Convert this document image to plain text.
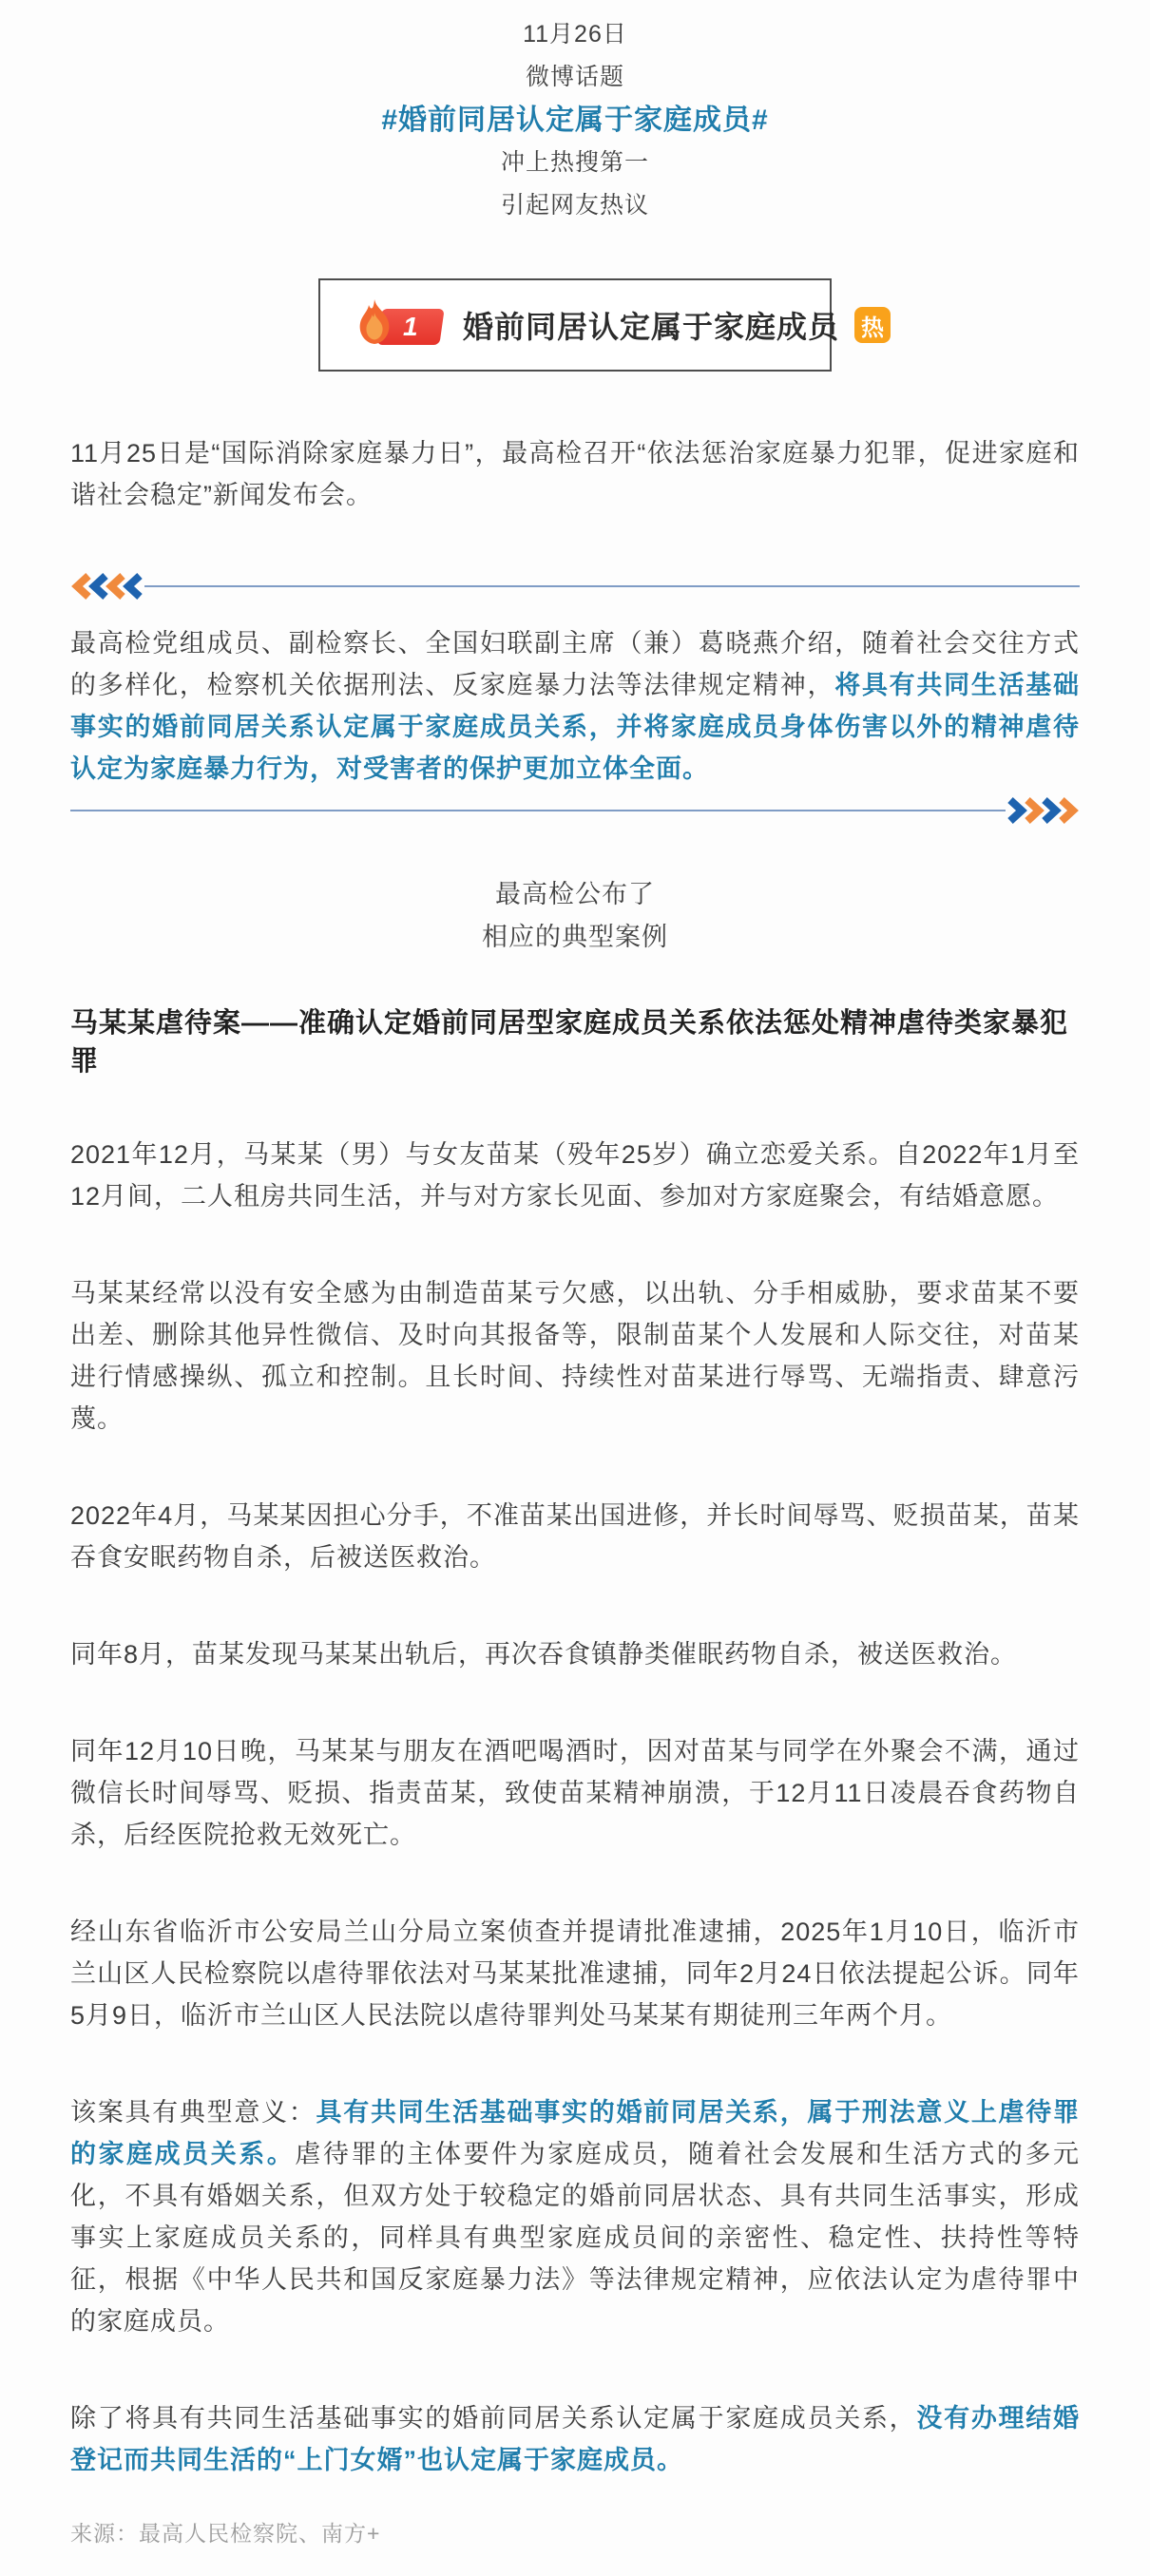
11月26日
微博话题
#婚前同居认定属于家庭成员#
冲上热搜第一
引起网友热议
1 婚前同居认定属于家庭成员 热

11月25日是“国际消除家庭暴力日”，最高检召开“依法惩治家庭暴力犯罪，促进家庭和谐社会稳定”新闻发布会。

最高检党组成员、副检察长、全国妇联副主席（兼）葛晓燕介绍，随着社会交往方式的多样化，检察机关依据刑法、反家庭暴力法等法律规定精神，将具有共同生活基础事实的婚前同居关系认定属于家庭成员关系，并将家庭成员身体伤害以外的精神虐待认定为家庭暴力行为，对受害者的保护更加立体全面。

最高检公布了
相应的典型案例
马某某虐待案——准确认定婚前同居型家庭成员关系依法惩处精神虐待类家暴犯罪

2021年12月，马某某（男）与女友苗某（殁年25岁）确立恋爱关系。自2022年1月至12月间，二人租房共同生活，并与对方家长见面、参加对方家庭聚会，有结婚意愿。

马某某经常以没有安全感为由制造苗某亏欠感，以出轨、分手相威胁，要求苗某不要出差、删除其他异性微信、及时向其报备等，限制苗某个人发展和人际交往，对苗某进行情感操纵、孤立和控制。且长时间、持续性对苗某进行辱骂、无端指责、肆意污蔑。

2022年4月，马某某因担心分手，不准苗某出国进修，并长时间辱骂、贬损苗某，苗某吞食安眠药物自杀，后被送医救治。

同年8月，苗某发现马某某出轨后，再次吞食镇静类催眠药物自杀，被送医救治。

同年12月10日晚，马某某与朋友在酒吧喝酒时，因对苗某与同学在外聚会不满，通过微信长时间辱骂、贬损、指责苗某，致使苗某精神崩溃，于12月11日凌晨吞食药物自杀，后经医院抢救无效死亡。

经山东省临沂市公安局兰山分局立案侦查并提请批准逮捕，2025年1月10日，临沂市兰山区人民检察院以虐待罪依法对马某某批准逮捕，同年2月24日依法提起公诉。同年5月9日，临沂市兰山区人民法院以虐待罪判处马某某有期徒刑三年两个月。

该案具有典型意义：具有共同生活基础事实的婚前同居关系，属于刑法意义上虐待罪的家庭成员关系。虐待罪的主体要件为家庭成员，随着社会发展和生活方式的多元化，不具有婚姻关系，但双方处于较稳定的婚前同居状态、具有共同生活事实，形成事实上家庭成员关系的，同样具有典型家庭成员间的亲密性、稳定性、扶持性等特征，根据《中华人民共和国反家庭暴力法》等法律规定精神，应依法认定为虐待罪中的家庭成员。

除了将具有共同生活基础事实的婚前同居关系认定属于家庭成员关系，没有办理结婚登记而共同生活的“上门女婿”也认定属于家庭成员。

来源：最高人民检察院、南方+
